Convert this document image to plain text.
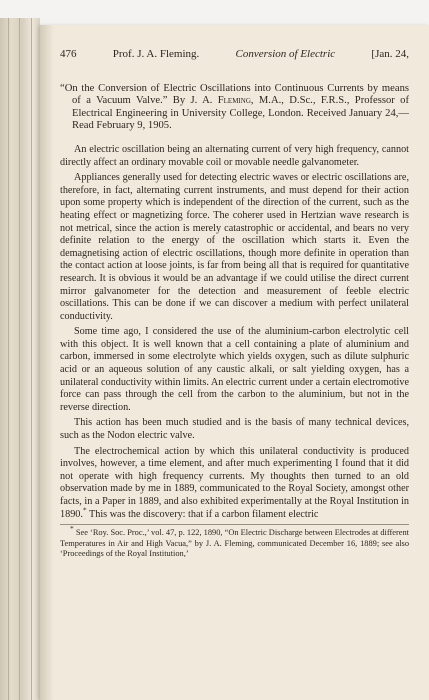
476	Prof. J. A. Fleming.	Conversion of Electric	[Jan. 24,

“On the Conversion of Electric Oscillations into Continuous Currents by means of a Vacuum Valve.” By J. A. Fleming, M.A., D.Sc., F.R.S., Professor of Electrical Engineering in University College, London. Received January 24,—Read February 9, 1905.

An electric oscillation being an alternating current of very high frequency, cannot directly affect an ordinary movable coil or movable needle galvanometer.

Appliances generally used for detecting electric waves or electric oscillations are, therefore, in fact, alternating current instruments, and must depend for their action upon some property which is independent of the direction of the current, such as the heating effect or magnetizing force. The coherer used in Hertzian wave research is not metrical, since the action is merely catastrophic or accidental, and bears no very definite relation to the energy of the oscillation which starts it. Even the demagnetising action of electric oscillations, though more definite in operation than the contact action at loose joints, is far from being all that is required for quantitative research. It is obvious it would be an advantage if we could utilise the direct current mirror galvanometer for the detection and measurement of feeble electric oscillations. This can be done if we can discover a medium with perfect unilateral conductivity.

Some time ago, I considered the use of the aluminium-carbon electrolytic cell with this object. It is well known that a cell containing a plate of aluminium and carbon, immersed in some electrolyte which yields oxygen, such as dilute sulphuric acid or an aqueous solution of any caustic alkali, or salt yielding oxygen, has a unilateral conductivity within limits. An electric current under a certain electromotive force can pass through the cell from the carbon to the aluminium, but not in the reverse direction.

This action has been much studied and is the basis of many technical devices, such as the Nodon electric valve.

The electrochemical action by which this unilateral conductivity is produced involves, however, a time element, and after much experimenting I found that it did not operate with high frequency currents. My thoughts then turned to an old observation made by me in 1889, communicated to the Royal Society, amongst other facts, in a Paper in 1889, and also exhibited experimentally at the Royal Institution in 1890.* This was the discovery: that if a carbon filament electric

* See ‘Roy. Soc. Proc.,’ vol. 47, p. 122, 1890, “On Electric Discharge between Electrodes at different Temperatures in Air and High Vacua,” by J. A. Fleming, communicated December 16, 1889; see also ‘Proceedings of the Royal Institution,’
